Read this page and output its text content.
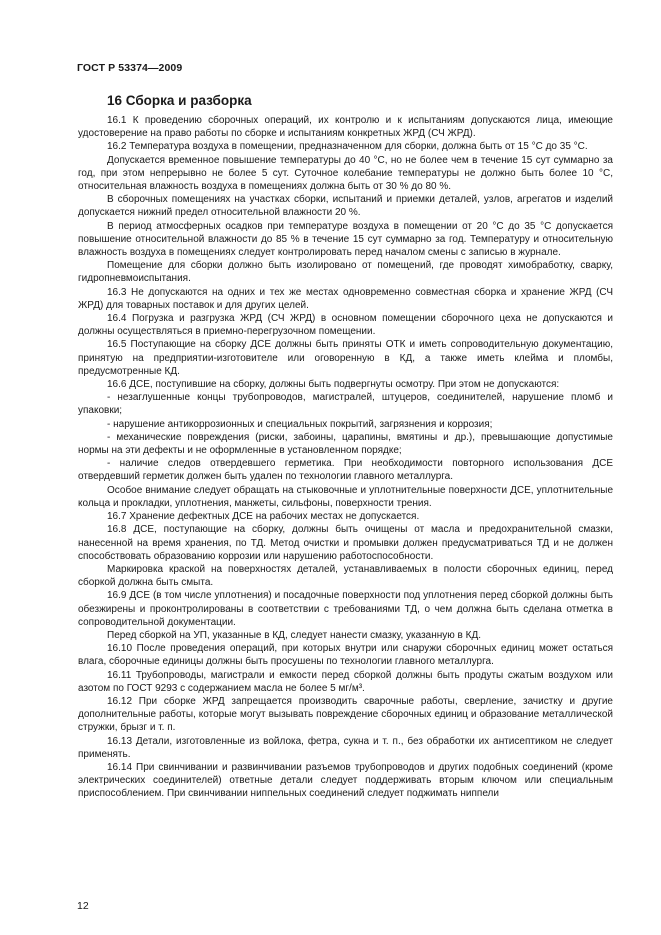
ГОСТ Р 53374—2009
16 Сборка и разборка

16.1 К проведению сборочных операций, их контролю и к испытаниям допускаются лица, имеющие удостоверение на право работы по сборке и испытаниям конкретных ЖРД (СЧ ЖРД).

16.2 Температура воздуха в помещении, предназначенном для сборки, должна быть от 15 °С до 35 °С.

Допускается временное повышение температуры до 40 °С, но не более чем в течение 15 сут суммарно за год, при этом непрерывно не более 5 сут. Суточное колебание температуры не должно быть более 10 °С, относительная влажность воздуха в помещениях должна быть от 30 % до 80 %.

В сборочных помещениях на участках сборки, испытаний и приемки деталей, узлов, агрегатов и изделий допускается нижний предел относительной влажности 20 %.

В период атмосферных осадков при температуре воздуха в помещении от 20 °С до 35 °С допускается повышение относительной влажности до 85 % в течение 15 сут суммарно за год. Температуру и относительную влажность воздуха в помещениях следует контролировать перед началом смены с записью в журнале.

Помещение для сборки должно быть изолировано от помещений, где проводят химобработку, сварку, гидропневмоиспытания.

16.3 Не допускаются на одних и тех же местах одновременно совместная сборка и хранение ЖРД (СЧ ЖРД) для товарных поставок и для других целей.

16.4 Погрузка и разгрузка ЖРД (СЧ ЖРД) в основном помещении сборочного цеха не допускаются и должны осуществляться в приемно-перегрузочном помещении.

16.5 Поступающие на сборку ДСЕ должны быть приняты ОТК и иметь сопроводительную документацию, принятую на предприятии-изготовителе или оговоренную в КД, а также иметь клейма и пломбы, предусмотренные КД.

16.6 ДСЕ, поступившие на сборку, должны быть подвергнуты осмотру. При этом не допускаются:

- незаглушенные концы трубопроводов, магистралей, штуцеров, соединителей, нарушение пломб и упаковки;

- нарушение антикоррозионных и специальных покрытий, загрязнения и коррозия;

- механические повреждения (риски, забоины, царапины, вмятины и др.), превышающие допустимые нормы на эти дефекты и не оформленные в установленном порядке;

- наличие следов отвердевшего герметика. При необходимости повторного использования ДСЕ отвердевший герметик должен быть удален по технологии главного металлурга.

Особое внимание следует обращать на стыковочные и уплотнительные поверхности ДСЕ, уплотнительные кольца и прокладки, уплотнения, манжеты, сильфоны, поверхности трения.

16.7 Хранение дефектных ДСЕ на рабочих местах не допускается.

16.8 ДСЕ, поступающие на сборку, должны быть очищены от масла и предохранительной смазки, нанесенной на время хранения, по ТД. Метод очистки и промывки должен предусматриваться ТД и не должен способствовать образованию коррозии или нарушению работоспособности.

Маркировка краской на поверхностях деталей, устанавливаемых в полости сборочных единиц, перед сборкой должна быть смыта.

16.9 ДСЕ (в том числе уплотнения) и посадочные поверхности под уплотнения перед сборкой должны быть обезжирены и проконтролированы в соответствии с требованиями ТД, о чем должна быть сделана отметка в сопроводительной документации.

Перед сборкой на УП, указанные в КД, следует нанести смазку, указанную в КД.

16.10 После проведения операций, при которых внутри или снаружи сборочных единиц может остаться влага, сборочные единицы должны быть просушены по технологии главного металлурга.

16.11 Трубопроводы, магистрали и емкости перед сборкой должны быть продуты сжатым воздухом или азотом по ГОСТ 9293 с содержанием масла не более 5 мг/м³.

16.12 При сборке ЖРД запрещается производить сварочные работы, сверление, зачистку и другие дополнительные работы, которые могут вызывать повреждение сборочных единиц и образование металлической стружки, брызг и т. п.

16.13 Детали, изготовленные из войлока, фетра, сукна и т. п., без обработки их антисептиком не следует применять.

16.14 При свинчивании и развинчивании разъемов трубопроводов и других подобных соединений (кроме электрических соединителей) ответные детали следует поддерживать вторым ключом или специальным приспособлением. При свинчивании ниппельных соединений следует поджимать ниппели

12
